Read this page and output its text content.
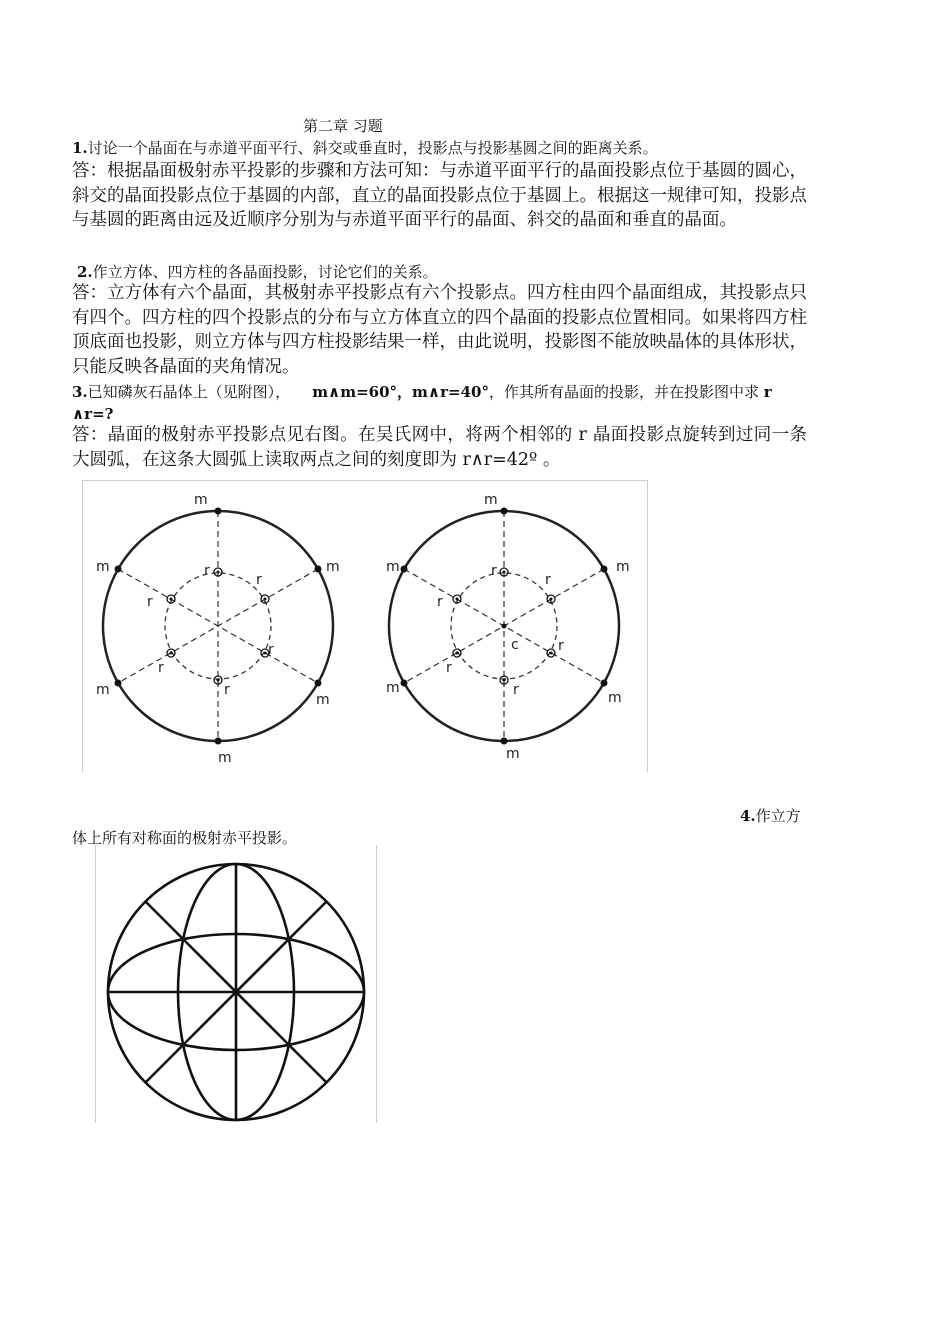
第二章 习题
1.讨论一个晶面在与赤道平面平行、斜交或垂直时，投影点与投影基圆之间的距离关系。
答：根据晶面极射赤平投影的步骤和方法可知：与赤道平面平行的晶面投影点位于基圆的圆心，斜交的晶面投影点位于基圆的内部，直立的晶面投影点位于基圆上。根据这一规律可知，投影点与基圆的距离由远及近顺序分别为与赤道平面平行的晶面、斜交的晶面和垂直的晶面。
2.作立方体、四方柱的各晶面投影，讨论它们的关系。
答：立方体有六个晶面，其极射赤平投影点有六个投影点。四方柱由四个晶面组成，其投影点只有四个。四方柱的四个投影点的分布与立方体直立的四个晶面的投影点位置相同。如果将四方柱顶底面也投影，则立方体与四方柱投影结果一样，由此说明，投影图不能放映晶体的具体形状，只能反映各晶面的夹角情况。
3.已知磷灰石晶体上（见附图）， m∧m=60°，m∧r=40°，作其所有晶面的投影，并在投影图中求 r
∧r=?
答：晶面的极射赤平投影点见右图。在吴氏网中，将两个相邻的 r 晶面投影点旋转到过同一条大圆弧，在这条大圆弧上读取两点之间的刻度即为 r∧r=42º 。
m
m
m	m
m
m
r
r
r
r
r
r
m
m
m	m
m
m
r
r
r
r
r
r
c
4.作立方
体上所有对称面的极射赤平投影。
